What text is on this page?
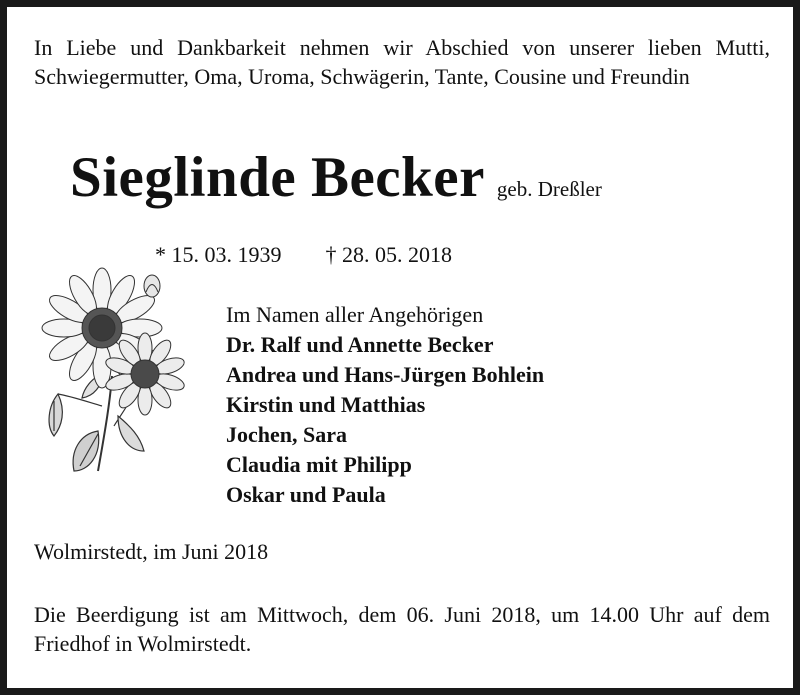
In Liebe und Dankbarkeit nehmen wir Abschied von unserer lieben Mutti, Schwiegermutter, Oma, Uroma, Schwägerin, Tante, Cousine und Freundin
Sieglinde Becker geb. Dreßler
* 15. 03. 1939 † 28. 05. 2018
Im Namen aller Angehörigen
Dr. Ralf und Annette Becker
Andrea und Hans-Jürgen Bohlein
Kirstin und Matthias
Jochen, Sara
Claudia mit Philipp
Oskar und Paula
Wolmirstedt, im Juni 2018
Die Beerdigung ist am Mittwoch, dem 06. Juni 2018, um 14.00 Uhr auf dem Friedhof in Wolmirstedt.
